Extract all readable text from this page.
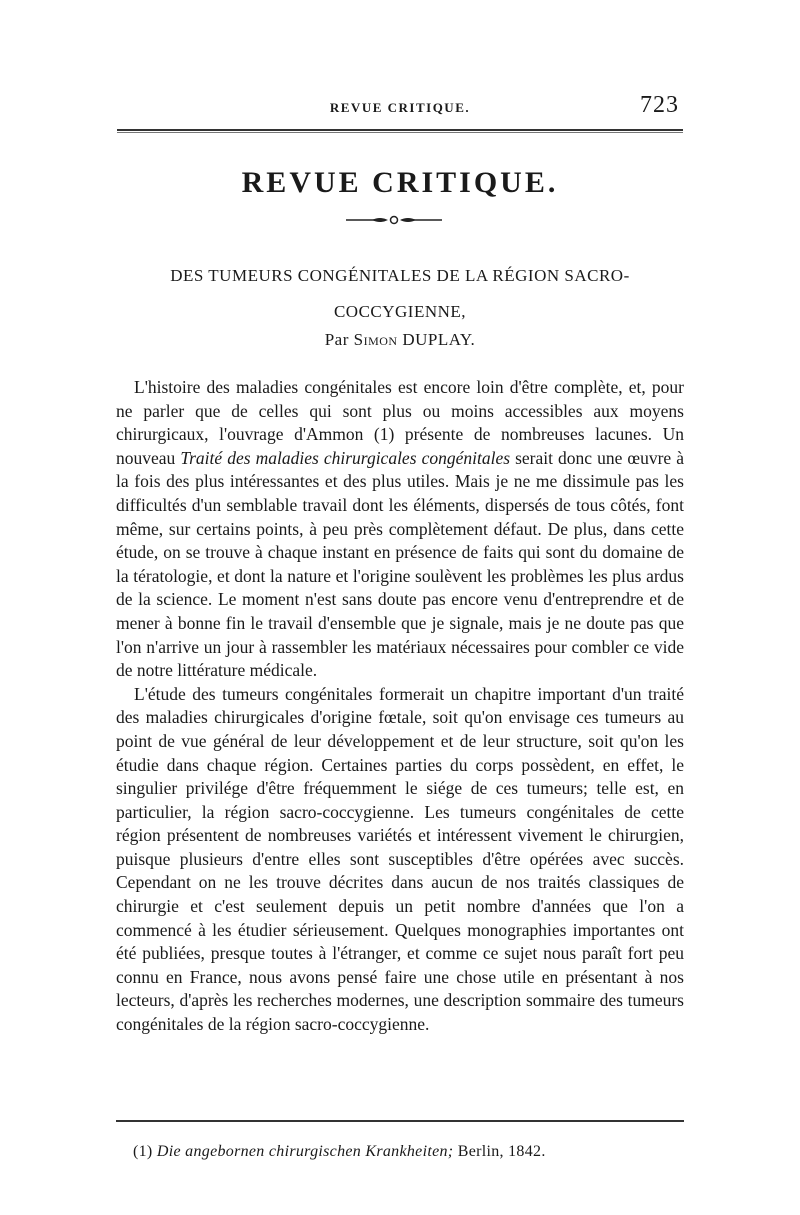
REVUE CRITIQUE.	723
REVUE CRITIQUE.
DES TUMEURS CONGÉNITALES DE LA RÉGION SACRO-COCCYGIENNE,
Par Simon DUPLAY.

L'histoire des maladies congénitales est encore loin d'être complète, et, pour ne parler que de celles qui sont plus ou moins accessibles aux moyens chirurgicaux, l'ouvrage d'Ammon (1) présente de nombreuses lacunes. Un nouveau Traité des maladies chirurgicales congénitales serait donc une œuvre à la fois des plus intéressantes et des plus utiles. Mais je ne me dissimule pas les difficultés d'un semblable travail dont les éléments, dispersés de tous côtés, font même, sur certains points, à peu près complètement défaut. De plus, dans cette étude, on se trouve à chaque instant en présence de faits qui sont du domaine de la tératologie, et dont la nature et l'origine soulèvent les problèmes les plus ardus de la science. Le moment n'est sans doute pas encore venu d'entreprendre et de mener à bonne fin le travail d'ensemble que je signale, mais je ne doute pas que l'on n'arrive un jour à rassembler les matériaux nécessaires pour combler ce vide de notre littérature médicale.

L'étude des tumeurs congénitales formerait un chapitre important d'un traité des maladies chirurgicales d'origine fœtale, soit qu'on envisage ces tumeurs au point de vue général de leur développement et de leur structure, soit qu'on les étudie dans chaque région. Certaines parties du corps possèdent, en effet, le singulier privilége d'être fréquemment le siége de ces tumeurs; telle est, en particulier, la région sacro-coccygienne. Les tumeurs congénitales de cette région présentent de nombreuses variétés et intéressent vivement le chirurgien, puisque plusieurs d'entre elles sont susceptibles d'être opérées avec succès. Cependant on ne les trouve décrites dans aucun de nos traités classiques de chirurgie et c'est seulement depuis un petit nombre d'années que l'on a commencé à les étudier sérieusement. Quelques monographies importantes ont été publiées, presque toutes à l'étranger, et comme ce sujet nous paraît fort peu connu en France, nous avons pensé faire une chose utile en présentant à nos lecteurs, d'après les recherches modernes, une description sommaire des tumeurs congénitales de la région sacro-coccygienne.

(1) Die angebornen chirurgischen Krankheiten; Berlin, 1842.
